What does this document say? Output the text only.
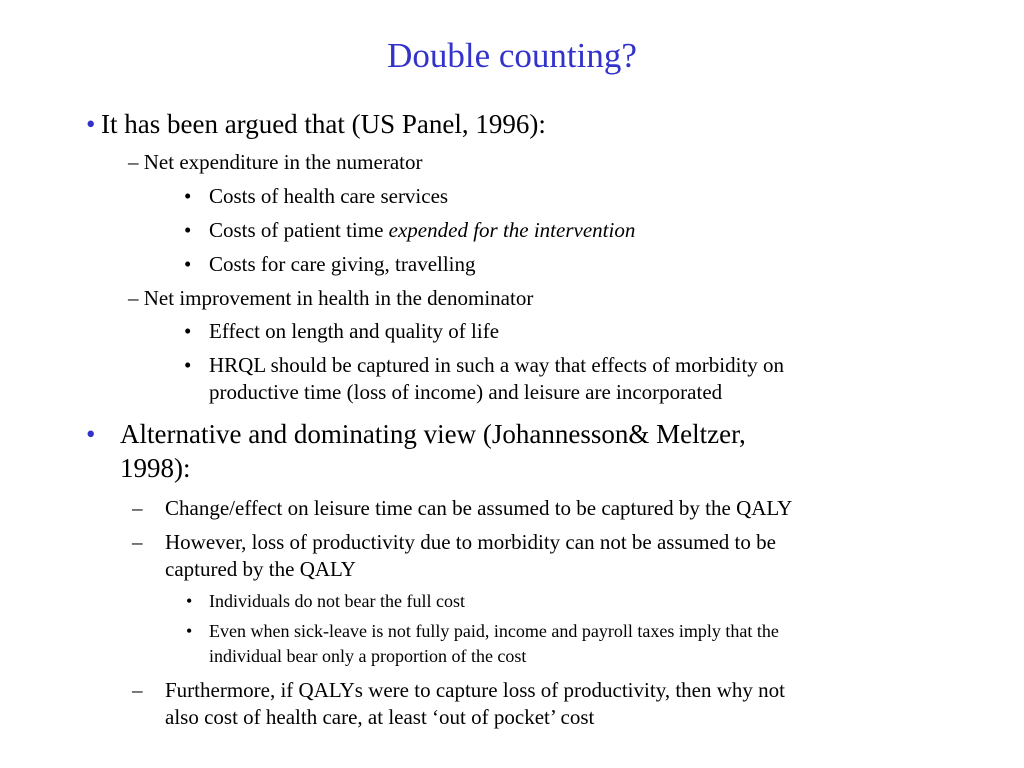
Double counting?
• It has been argued that (US Panel, 1996):
– Net expenditure in the numerator
• Costs of health care services
• Costs of patient time expended for the intervention
• Costs for care giving, travelling
– Net improvement in health in the denominator
• Effect on length and quality of life
• HRQL should be captured in such a way that effects of morbidity on
productive time (loss of income) and leisure are incorporated
• Alternative and dominating view (Johannesson& Meltzer,
1998):
– Change/effect on leisure time can be assumed to be captured by the QALY
– However, loss of productivity due to morbidity can not be assumed to be
captured by the QALY
• Individuals do not bear the full cost
• Even when sick-leave is not fully paid, income and payroll taxes imply that the
individual bear only a proportion of the cost
– Furthermore, if QALYs were to capture loss of productivity, then why not
also cost of health care, at least ‘out of pocket’ cost
